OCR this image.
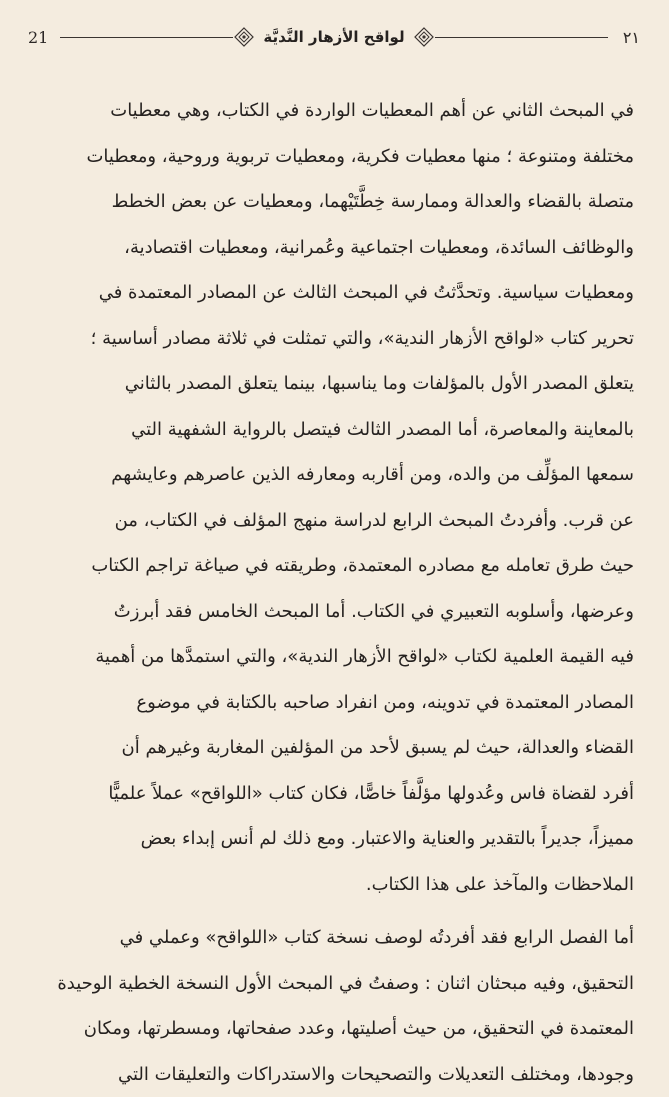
21	لواقح الأزهار النَّديَّة	٢١

في المبحث الثاني عن أهم المعطيات الواردة في الكتاب، وهي معطيات
مختلفة ومتنوعة ؛ منها معطيات فكرية، ومعطيات تربوية وروحية، ومعطيات
متصلة بالقضاء والعدالة وممارسة خِطَّتَيْهما، ومعطيات عن بعض الخطط
والوظائف السائدة، ومعطيات اجتماعية وعُمرانية، ومعطيات اقتصادية،
ومعطيات سياسية. وتحدَّثتُ في المبحث الثالث عن المصادر المعتمدة في
تحرير كتاب «لواقح الأزهار الندية»، والتي تمثلت في ثلاثة مصادر أساسية ؛
يتعلق المصدر الأول بالمؤلفات وما يناسبها، بينما يتعلق المصدر بالثاني
بالمعاينة والمعاصرة، أما المصدر الثالث فيتصل بالرواية الشفهية التي
سمعها المؤلِّف من والده، ومن أقاربه ومعارفه الذين عاصرهم وعايشهم
عن قرب. وأفردتُ المبحث الرابع لدراسة منهج المؤلف في الكتاب، من
حيث طرق تعامله مع مصادره المعتمدة، وطريقته في صياغة تراجم الكتاب
وعرضها، وأسلوبه التعبيري في الكتاب. أما المبحث الخامس فقد أبرزتُ
فيه القيمة العلمية لكتاب «لواقح الأزهار الندية»، والتي استمدَّها من أهمية
المصادر المعتمدة في تدوينه، ومن انفراد صاحبه بالكتابة في موضوع
القضاء والعدالة، حيث لم يسبق لأحد من المؤلفين المغاربة وغيرهم أن
أفرد لقضاة فاس وعُدولها مؤلَّفاً خاصًّا، فكان كتاب «اللواقح» عملاً علميًّا
مميزاً، جديراً بالتقدير والعناية والاعتبار. ومع ذلك لم أنس إبداء بعض
الملاحظات والمآخذ على هذا الكتاب.

أما الفصل الرابع فقد أفردتُه لوصف نسخة كتاب «اللواقح» وعملي في
التحقيق، وفيه مبحثان اثنان : وصفتُ في المبحث الأول النسخة الخطية الوحيدة
المعتمدة في التحقيق، من حيث أصليتها، وعدد صفحاتها، ومسطرتها، ومكان
وجودها، ومختلف التعديلات والتصحيحات والاستدراكات والتعليقات التي
